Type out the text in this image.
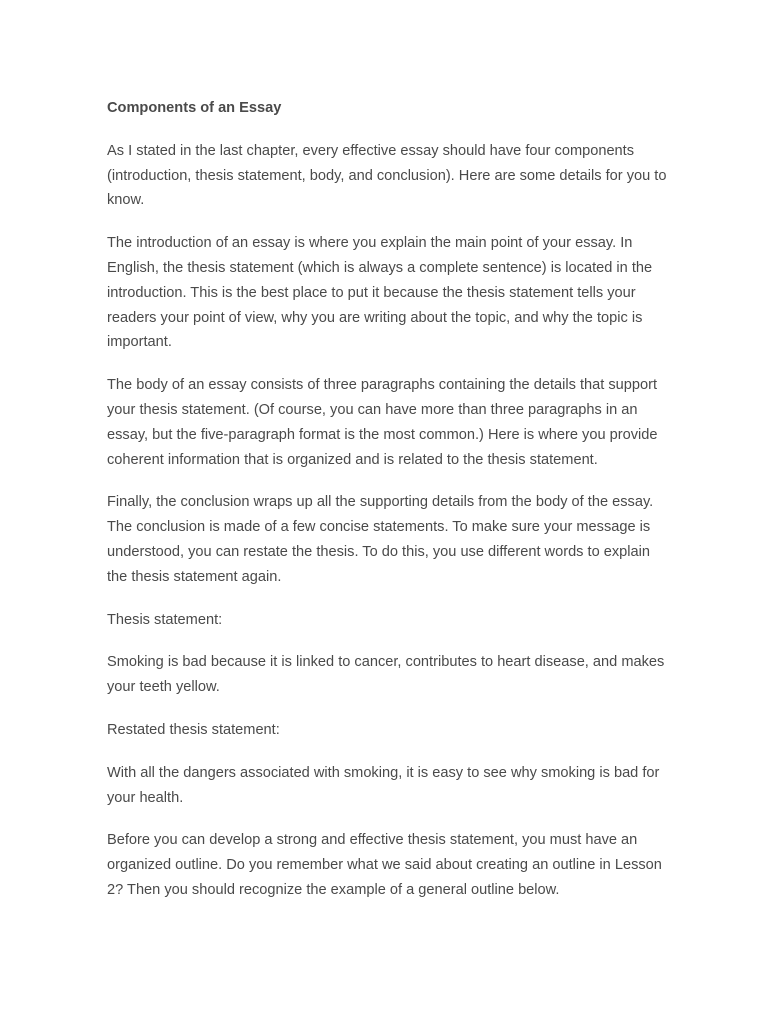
Components of an Essay

As I stated in the last chapter, every effective essay should have four components (introduction, thesis statement, body, and conclusion). Here are some details for you to know.

The introduction of an essay is where you explain the main point of your essay. In English, the thesis statement (which is always a complete sentence) is located in the introduction. This is the best place to put it because the thesis statement tells your readers your point of view, why you are writing about the topic, and why the topic is important.

The body of an essay consists of three paragraphs containing the details that support your thesis statement. (Of course, you can have more than three paragraphs in an essay, but the five-paragraph format is the most common.) Here is where you provide coherent information that is organized and is related to the thesis statement.

Finally, the conclusion wraps up all the supporting details from the body of the essay. The conclusion is made of a few concise statements. To make sure your message is understood, you can restate the thesis. To do this, you use different words to explain the thesis statement again.

Thesis statement:

Smoking is bad because it is linked to cancer, contributes to heart disease, and makes your teeth yellow.

Restated thesis statement:

With all the dangers associated with smoking, it is easy to see why smoking is bad for your health.

Before you can develop a strong and effective thesis statement, you must have an organized outline. Do you remember what we said about creating an outline in Lesson 2? Then you should recognize the example of a general outline below.
